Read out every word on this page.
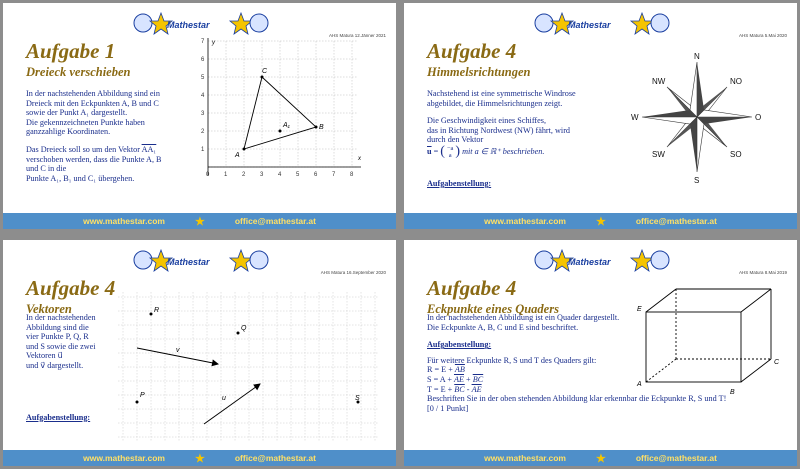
Mathestar
AHS Matura 12.Jänner 2021
Aufgabe 1
Dreieck verschieben
In der nachstehenden Abbildung sind ein
Dreieck mit den Eckpunkten A, B und C
sowie der Punkt A₁ dargestellt.
Die gekennzeichneten Punkte haben
ganzzahlige Koordinaten.
Das Dreieck soll so um den Vektor AA₁
verschoben werden, dass die Punkte A, B
und C in die
Punkte A₁, B₁ und C₁ übergehen.
x
y
0 1 2 3 4 5 6 7 8
1
2
3
4
5
6
7
A
B
C
A₁
www.mathestar.com	★	office@mathestar.at
Mathestar
AHS Matura 5.Mai 2020
Aufgabe 4
Himmelsrichtungen
Nachstehend ist eine symmetrische Windrose
abgebildet, die Himmelsrichtungen zeigt.
Die Geschwindigkeit eines Schiffes,
das in Richtung Nordwest (NW) fährt, wird
durch den Vektor
$\overline{u}$ = ( −a
a ) mit a ∈ ℝ⁺ beschrieben.
Aufgabenstellung:
N
S
W	O
NW	NO
SW	SO
www.mathestar.com	★	office@mathestar.at
Mathestar
AHS Matura 16.September 2020
Aufgabe 4
Vektoren
In der nachstehenden
Abbildung sind die
vier Punkte P, Q, R
und S sowie die zwei
Vektoren u⃗
und v⃗ dargestellt.
Aufgabenstellung:
R
Q
P	S
v
u
www.mathestar.com	★	office@mathestar.at
Mathestar
AHS Matura 8.Mai 2019
Aufgabe 4
Eckpunkte eines Quaders
In der nachstehenden Abbildung ist ein Quader dargestellt.
Die Eckpunkte A, B, C und E sind beschriftet.
Aufgabenstellung:
Für weitere Eckpunkte R, S und T des Quaders gilt:
$R = E + \overline{AB}$
$S = A + \overline{AE} + \overline{BC}$
$T = E + \overline{BC} - \overline{AE}$
Beschriften Sie in der oben stehenden Abbildung klar erkennbar die Eckpunkte R, S und T!
[0 / 1 Punkt]
E
A
B
C
www.mathestar.com	★	office@mathestar.at
